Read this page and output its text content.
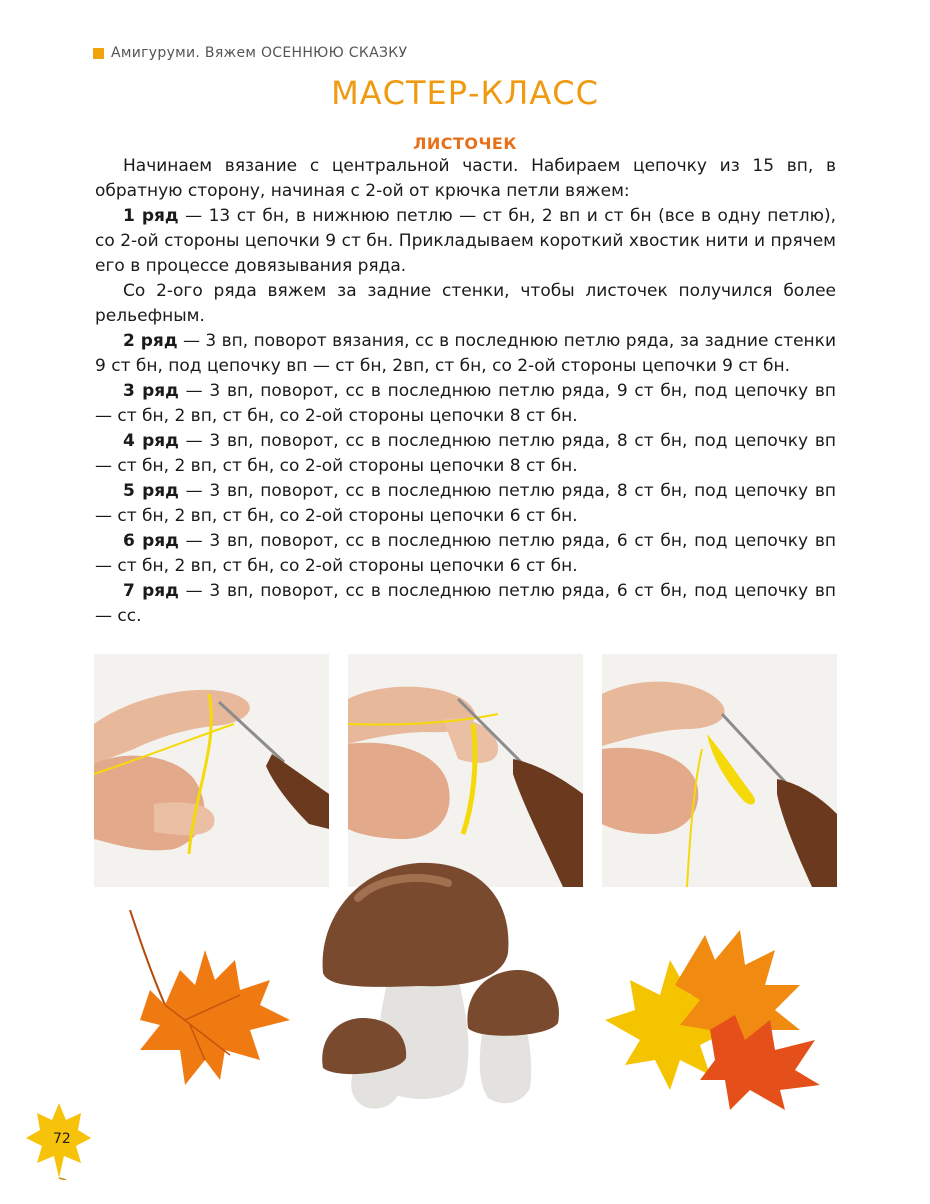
Амигуруми. Вяжем ОСЕННЮЮ СКАЗКУ
МАСТЕР-КЛАСС
ЛИСТОЧЕК

Начинаем вязание с центральной части. Набираем цепочку из 15 вп, в обратную сторону, начиная с 2-ой от крючка петли вяжем:

1 ряд — 13 ст бн, в нижнюю петлю — ст бн, 2 вп и ст бн (все в одну петлю), со 2-ой стороны цепочки 9 ст бн. Прикладываем короткий хвостик нити и прячем его в процессе довязывания ряда.

Со 2-ого ряда вяжем за задние стенки, чтобы листочек получился более рельефным.

2 ряд — 3 вп, поворот вязания, сс в последнюю петлю ряда, за задние стенки 9 ст бн, под цепочку вп — ст бн, 2вп, ст бн, со 2-ой стороны цепочки 9 ст бн.

3 ряд — 3 вп, поворот, сс в последнюю петлю ряда, 9 ст бн, под цепочку вп — ст бн, 2 вп, ст бн, со 2-ой стороны цепочки 8 ст бн.

4 ряд — 3 вп, поворот, сс в последнюю петлю ряда, 8 ст бн, под цепочку вп — ст бн, 2 вп, ст бн, со 2-ой стороны цепочки 8 ст бн.

5 ряд — 3 вп, поворот, сс в последнюю петлю ряда, 8 ст бн, под цепочку вп — ст бн, 2 вп, ст бн, со 2-ой стороны цепочки 6 ст бн.

6 ряд — 3 вп, поворот, сс в последнюю петлю ряда, 6 ст бн, под цепочку вп — ст бн, 2 вп, ст бн, со 2-ой стороны цепочки 6 ст бн.

7 ряд — 3 вп, поворот, сс в последнюю петлю ряда, 6 ст бн, под цепочку вп — сс.

72
